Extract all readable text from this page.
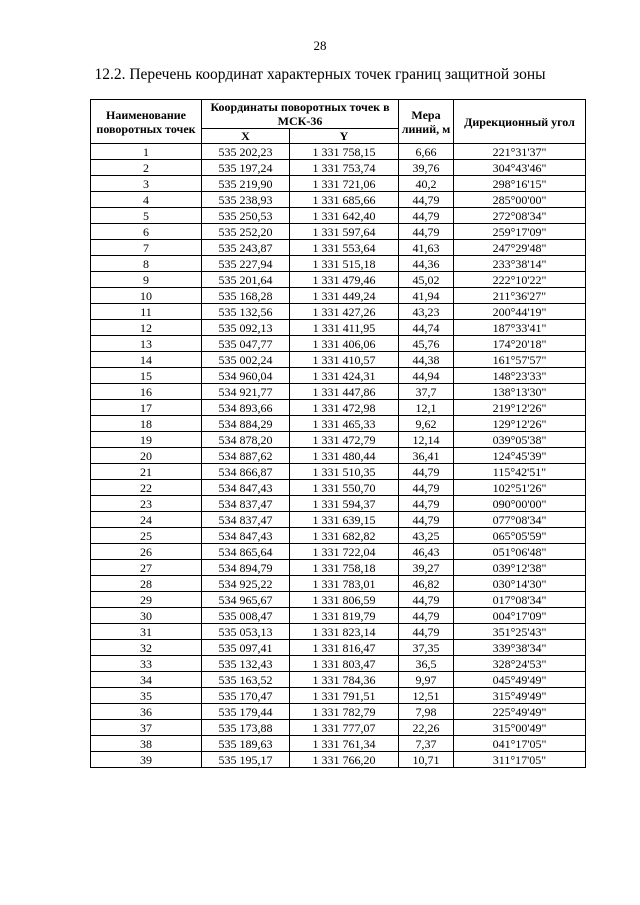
28
12.2. Перечень координат характерных точек границ защитной зоны
Наименование поворотных точек	Координаты поворотных точек в МСК-36		Мера линий, м	Дирекционный угол
	X	Y		
1	535 202,23	1 331 758,15	6,66	221°31'37"
2	535 197,24	1 331 753,74	39,76	304°43'46"
3	535 219,90	1 331 721,06	40,2	298°16'15"
4	535 238,93	1 331 685,66	44,79	285°00'00"
5	535 250,53	1 331 642,40	44,79	272°08'34"
6	535 252,20	1 331 597,64	44,79	259°17'09"
7	535 243,87	1 331 553,64	41,63	247°29'48"
8	535 227,94	1 331 515,18	44,36	233°38'14"
9	535 201,64	1 331 479,46	45,02	222°10'22"
10	535 168,28	1 331 449,24	41,94	211°36'27"
11	535 132,56	1 331 427,26	43,23	200°44'19"
12	535 092,13	1 331 411,95	44,74	187°33'41"
13	535 047,77	1 331 406,06	45,76	174°20'18"
14	535 002,24	1 331 410,57	44,38	161°57'57"
15	534 960,04	1 331 424,31	44,94	148°23'33"
16	534 921,77	1 331 447,86	37,7	138°13'30"
17	534 893,66	1 331 472,98	12,1	219°12'26"
18	534 884,29	1 331 465,33	9,62	129°12'26"
19	534 878,20	1 331 472,79	12,14	039°05'38"
20	534 887,62	1 331 480,44	36,41	124°45'39"
21	534 866,87	1 331 510,35	44,79	115°42'51"
22	534 847,43	1 331 550,70	44,79	102°51'26"
23	534 837,47	1 331 594,37	44,79	090°00'00"
24	534 837,47	1 331 639,15	44,79	077°08'34"
25	534 847,43	1 331 682,82	43,25	065°05'59"
26	534 865,64	1 331 722,04	46,43	051°06'48"
27	534 894,79	1 331 758,18	39,27	039°12'38"
28	534 925,22	1 331 783,01	46,82	030°14'30"
29	534 965,67	1 331 806,59	44,79	017°08'34"
30	535 008,47	1 331 819,79	44,79	004°17'09"
31	535 053,13	1 331 823,14	44,79	351°25'43"
32	535 097,41	1 331 816,47	37,35	339°38'34"
33	535 132,43	1 331 803,47	36,5	328°24'53"
34	535 163,52	1 331 784,36	9,97	045°49'49"
35	535 170,47	1 331 791,51	12,51	315°49'49"
36	535 179,44	1 331 782,79	7,98	225°49'49"
37	535 173,88	1 331 777,07	22,26	315°00'49"
38	535 189,63	1 331 761,34	7,37	041°17'05"
39	535 195,17	1 331 766,20	10,71	311°17'05"
